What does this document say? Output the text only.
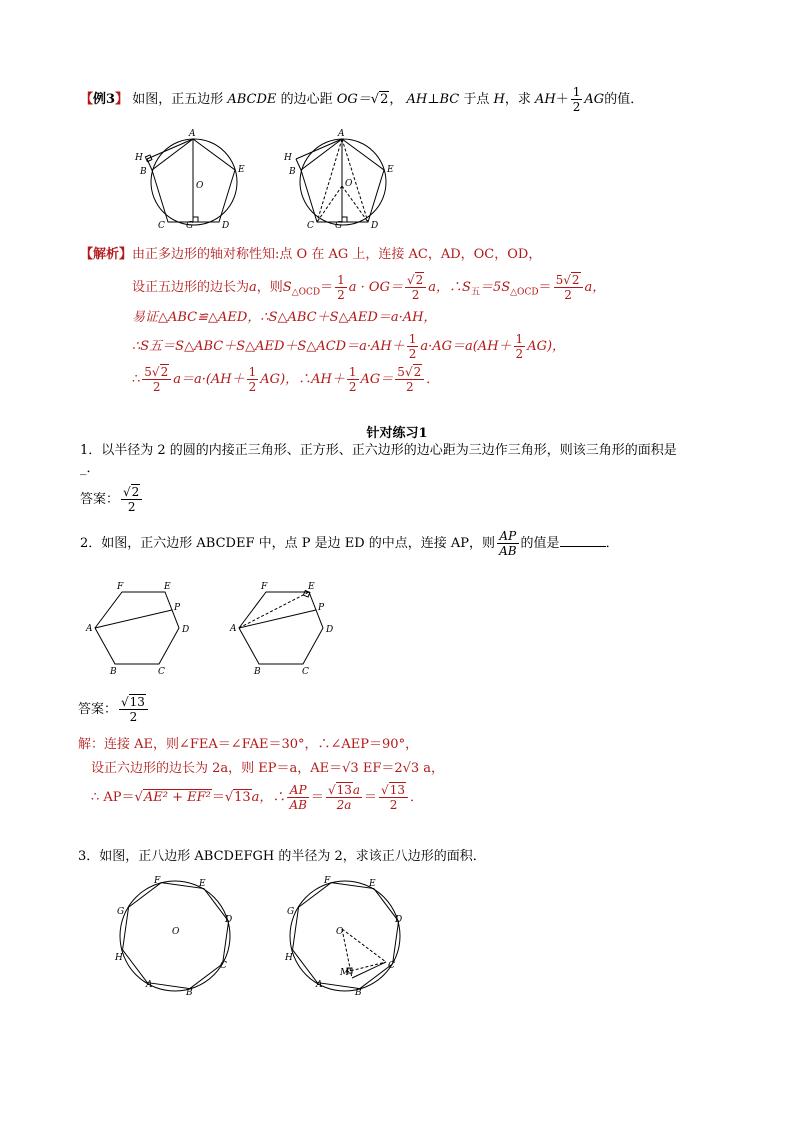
【例3】 如图，正五边形 ABCDE 的边心距 OG＝√2， AH⊥BC 于点 H，求 $AH+ \frac{1}{2}$ AG的值．
A
H
B
O
E
C G	D
A
H
B
O
E
C G	D
【解析】由正多边形的轴对称性知:点 O 在 AG 上，连接 AC，AD，OC，OD，
设正五边形的边长为a，则$S_{\triangle OCD}= \frac{1}{2}$ $a \cdot OG= \frac{√2}{2}$ a，$\therefore S_五=5S_{\triangle OCD}= \frac{5√2}{2}$ a，
易证△ABC≌△AED，∴S△ABC＋S△AED＝a·AH，
∴S五＝S△ABC＋S△AED＋S△ACD＝a·AH＋ $\frac{1}{2} a\cdot AG=a(AH+ \frac{1}{2} AG)$，
∴ $\frac{5√2}{2} a=a\cdot(AH+ \frac{1}{2} AG)$，∴AH＋ $\frac{1}{2} AG= \frac{5√2}{2}$ ．
针对练习1
1．以半径为 2 的圆的内接正三角形、正方形、正六边形的边心距为三边作三角形，则该三角形的面积是
_．
答案： $\frac{√2}{2}$
2．如图，正六边形 ABCDEF 中，点 P 是边 ED 的中点，连接 AP，则 $\frac{AP}{AB}$ 的值是	．
F	E
P
A	D
B	C
F	E
P
A	D
B	C
答案： $\frac{√13}{2}$
解：连接 AE，则∠FEA＝∠FAE＝30°，∴∠AEP＝90°，
设正六边形的边长为 2a，则 EP＝a，AE＝√3 EF＝2√3 a，
∴ AP＝√AE² + EF²＝√13a，∴ $\frac{AP}{AB} = \frac{√13a}{2a} = \frac{√13}{2}$ ．
3．如图，正八边形 ABCDEFGH 的半径为 2，求该正八边形的面积．
F	E
G
D
O
H
C
A
B
F	E
G
D
O
H
M
C
A
B
